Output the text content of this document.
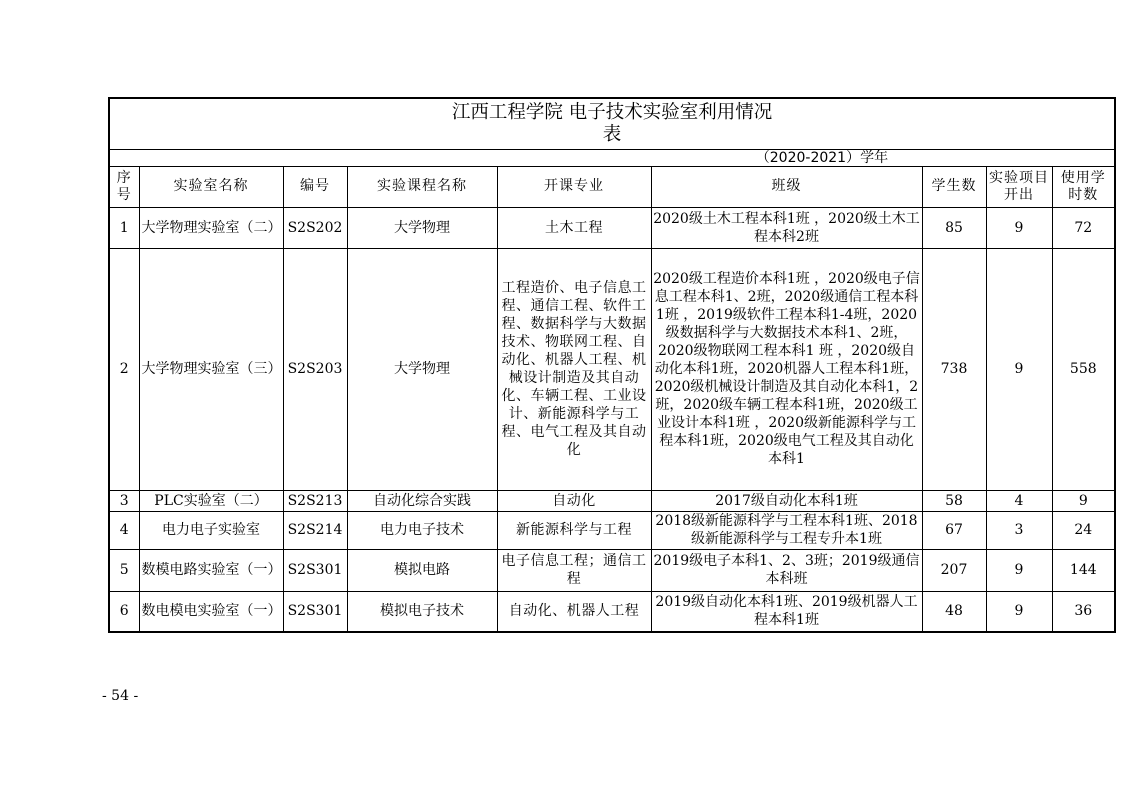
江西工程学院 电子技术实验室利用情况
表								

（2020-2021）学年								
序号	实验室名称	编号	实验课程名称	开课专业	班级	学生数	实验项目开出	使用学时数
1	大学物理实验室（二）	S2S202	大学物理	土木工程	2020级土木工程本科1班 ，2020级土木工程本科2班	85	9	72
2	大学物理实验室（三）	S2S203	大学物理	工程造价、电子信息工程、通信工程、软件工程、数据科学与大数据技术、物联网工程、自动化、机器人工程、机械设计制造及其自动化、车辆工程、工业设计、新能源科学与工程、电气工程及其自动化	2020级工程造价本科1班 ，2020级电子信息工程本科1、2班，2020级通信工程本科1班 ，2019级软件工程本科1-4班，2020级数据科学与大数据技术本科1、2班，2020级物联网工程本科1 班 ，2020级自动化本科1班，2020机器人工程本科1班，2020级机械设计制造及其自动化本科1，2班，2020级车辆工程本科1班，2020级工业设计本科1班 ，2020级新能源科学与工程本科1班，2020级电气工程及其自动化本科1	738	9	558
3	PLC实验室（二）	S2S213	自动化综合实践	自动化	2017级自动化本科1班	58	4	9
4	电力电子实验室	S2S214	电力电子技术	新能源科学与工程	2018级新能源科学与工程本科1班、2018级新能源科学与工程专升本1班	67	3	24
5	数模电路实验室（一）	S2S301	模拟电路	电子信息工程；通信工程	2019级电子本科1、2、3班；2019级通信本科班	207	9	144
6	数电模电实验室（一）	S2S301	模拟电子技术	自动化、机器人工程	2019级自动化本科1班、2019级机器人工程本科1班	48	9	36
- 54 -
